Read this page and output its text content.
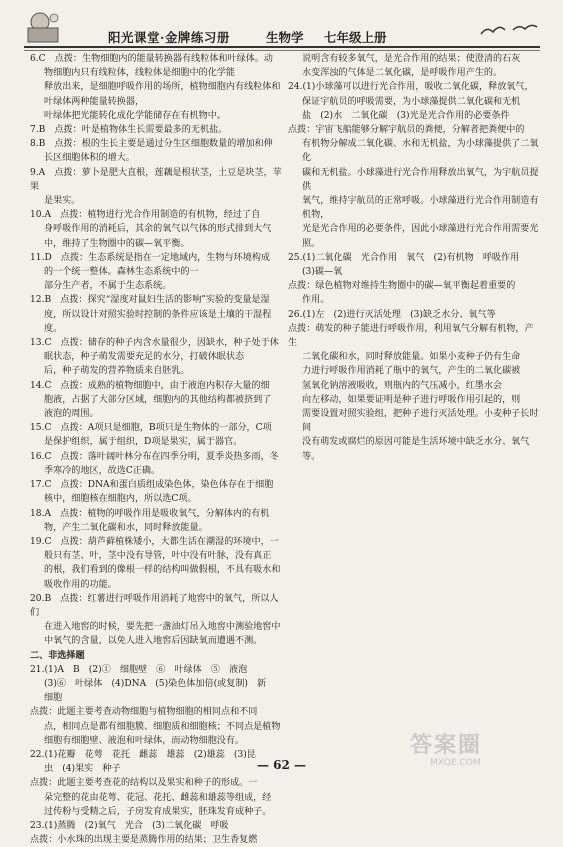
阳光课堂·金牌练习册	生物学 七年级上册

6.C　点拨：生物细胞内的能量转换器有线粒体和叶绿体。动

物细胞内只有线粒体，线粒体是细胞中的化学能

释放出来，是细胞呼吸作用的场所，植物细胞内有线粒体和叶绿体两种能量转换器，

叶绿体把光能转化成化学能储存在有机物中。

7.B　点拨：叶是植物体生长需要最多的无机盐。

8.B　点拨：根的生长主要是通过分生区细胞数量的增加和伸

长区细胞体积的增大。

9.A　点拨：萝卜是肥大直根，莲藕是根状茎，土豆是块茎，苹果

是果实。

10.A　点拨：植物进行光合作用制造的有机物，经过了自

身呼吸作用的消耗后，其余的氧气以气体的形式排到大气

中，维持了生物圈中的碳—氧平衡。

11.D　点拨：生态系统是指在一定地域内，生物与环境构成

的一个统一整体。森林生态系统中的一

部分生产者，不属于生态系统。

12.B　点拨：探究“湿度对鼠妇生活的影响”实验的变量是湿

度，所以设计对照实验时控制的条件应该是土壤的干湿程

度。

13.C　点拨：储存的种子内含水量很少，因缺水，种子处于休

眠状态，种子萌发需要充足的水分，打破休眠状态

后，种子萌发的营养物质来自胚乳。

14.C　点拨：成熟的植物细胞中，由于液泡内积存大量的细

胞液，占据了大部分区域，细胞内的其他结构都被挤到了

液泡的周围。

15.C　点拨：A项只是细胞，B项只是生物体的一部分，C项

是保护组织，属于组织，D项是果实，属于器官。

16.C　点拨：落叶阔叶林分布在四季分明，夏季炎热多雨，冬

季寒冷的地区，故选C正确。

17.C　点拨：DNA和蛋白质组成染色体，染色体存在于细胞

核中，细胞核在细胞内，所以选C项。

18.A　点拨：植物的呼吸作用是吸收氧气，分解体内的有机

物，产生二氧化碳和水，同时释放能量。

19.C　点拨：葫芦藓植株矮小，大都生活在潮湿的环境中，一

般只有茎、叶，茎中没有导管，叶中没有叶脉，没有真正

的根，我们看到的像根一样的结构叫做假根，不具有吸水和

吸收作用的功能。

20.B　点拨：红薯进行呼吸作用消耗了地窖中的氧气，所以人们

在进入地窖的时候，要先把一盏油灯吊入地窖中测验地窖中

中氧气的含量，以免人进入地窖后因缺氧而遭遇不测。

二、非选择题

21.(1)A　B　(2)①　细胞壁　⑥　叶绿体　⑤　液泡

(3)⑥　叶绿体　(4)DNA　(5)染色体加倍(或复制)　新

细胞

点拨：此题主要考查动物细胞与植物细胞的相同点和不同

点，相同点是都有细胞膜、细胞质和细胞核；不同点是植物

细胞有细胞壁、液泡和叶绿体，而动物细胞没有。

22.(1)花瓣　花萼　花托　雌蕊　雄蕊　(2)雄蕊　(3)昆

虫　(4)果实　种子

点拨：此题主要考查花的结构以及果实和种子的形成。一

朵完整的花由花萼、花冠、花托、雌蕊和雄蕊等组成，经

过传粉与受精之后，子房发育成果实，胚珠发育成种子。

23.(1)蒸腾　(2)氧气　光合　(3)二氧化碳　呼吸

点拨：小水珠的出现主要是蒸腾作用的结果；卫生香复燃

说明含有较多氧气，是光合作用的结果；使澄清的石灰

水变浑浊的气体是二氧化碳，是呼吸作用产生的。

24.(1)小球藻可以进行光合作用，吸收二氧化碳，释放氧气，

保证宇航员的呼吸需要，为小球藻提供二氧化碳和无机

盐　(2)水　二氧化碳　(3)光是光合作用的必要条件

点拨：宇宙飞船能够分解宇航员的粪便，分解者把粪便中的

有机物分解成二氧化碳、水和无机盐，为小球藻提供了二氧化

碳和无机盐。小球藻进行光合作用释放出氧气，为宇航员提供

氧气，维持宇航员的正常呼吸。小球藻进行光合作用制造有机物，

光是光合作用的必要条件，因此小球藻进行光合作用需要光照。

25.(1)二氧化碳　光合作用　氧气　(2)有机物　呼吸作用

(3)碳—氧

点拨：绿色植物对维持生物圈中的碳—氧平衡起着重要的

作用。

26.(1)左　(2)进行灭活处理　(3)缺乏水分、氧气等

点拨：萌发的种子能进行呼吸作用，利用氧气分解有机物，产生

二氧化碳和水，同时释放能量。如果小麦种子仍有生命

力进行呼吸作用消耗了瓶中的氧气，产生的二氧化碳被

氢氧化钠溶液吸收，则瓶内的气压减小，红墨水会

向左移动，如果要证明是种子进行呼吸作用引起的，则

需要设置对照实验组，把种子进行灭活处理。小麦种子长时间

没有萌发或腐烂的原因可能是生活环境中缺乏水分、氧气等。

答案圈
MXQE.COM
— 62 —
